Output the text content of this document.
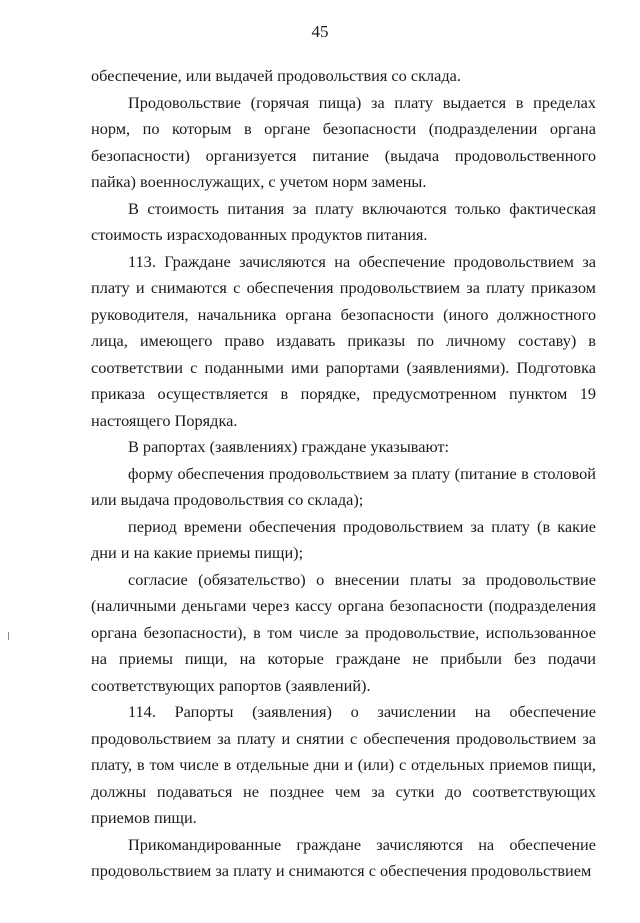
45

обеспечение, или выдачей продовольствия со склада.

Продовольствие (горячая пища) за плату выдается в пределах норм, по которым в органе безопасности (подразделении органа безопасности) организуется питание (выдача продовольственного пайка) военнослужащих, с учетом норм замены.

В стоимость питания за плату включаются только фактическая стоимость израсходованных продуктов питания.

113. Граждане зачисляются на обеспечение продовольствием за плату и снимаются с обеспечения продовольствием за плату приказом руководителя, начальника органа безопасности (иного должностного лица, имеющего право издавать приказы по личному составу) в соответствии с поданными ими рапортами (заявлениями). Подготовка приказа осуществляется в порядке, предусмотренном пунктом 19 настоящего Порядка.

В рапортах (заявлениях) граждане указывают:

форму обеспечения продовольствием за плату (питание в столовой или выдача продовольствия со склада);

период времени обеспечения продовольствием за плату (в какие дни и на какие приемы пищи);

согласие (обязательство) о внесении платы за продовольствие (наличными деньгами через кассу органа безопасности (подразделения органа безопасности), в том числе за продовольствие, использованное на приемы пищи, на которые граждане не прибыли без подачи соответствующих рапортов (заявлений).

114. Рапорты (заявления) о зачислении на обеспечение продовольствием за плату и снятии с обеспечения продовольствием за плату, в том числе в отдельные дни и (или) с отдельных приемов пищи, должны подаваться не позднее чем за сутки до соответствующих приемов пищи.

Прикомандированные граждане зачисляются на обеспечение продовольствием за плату и снимаются с обеспечения продовольствием
